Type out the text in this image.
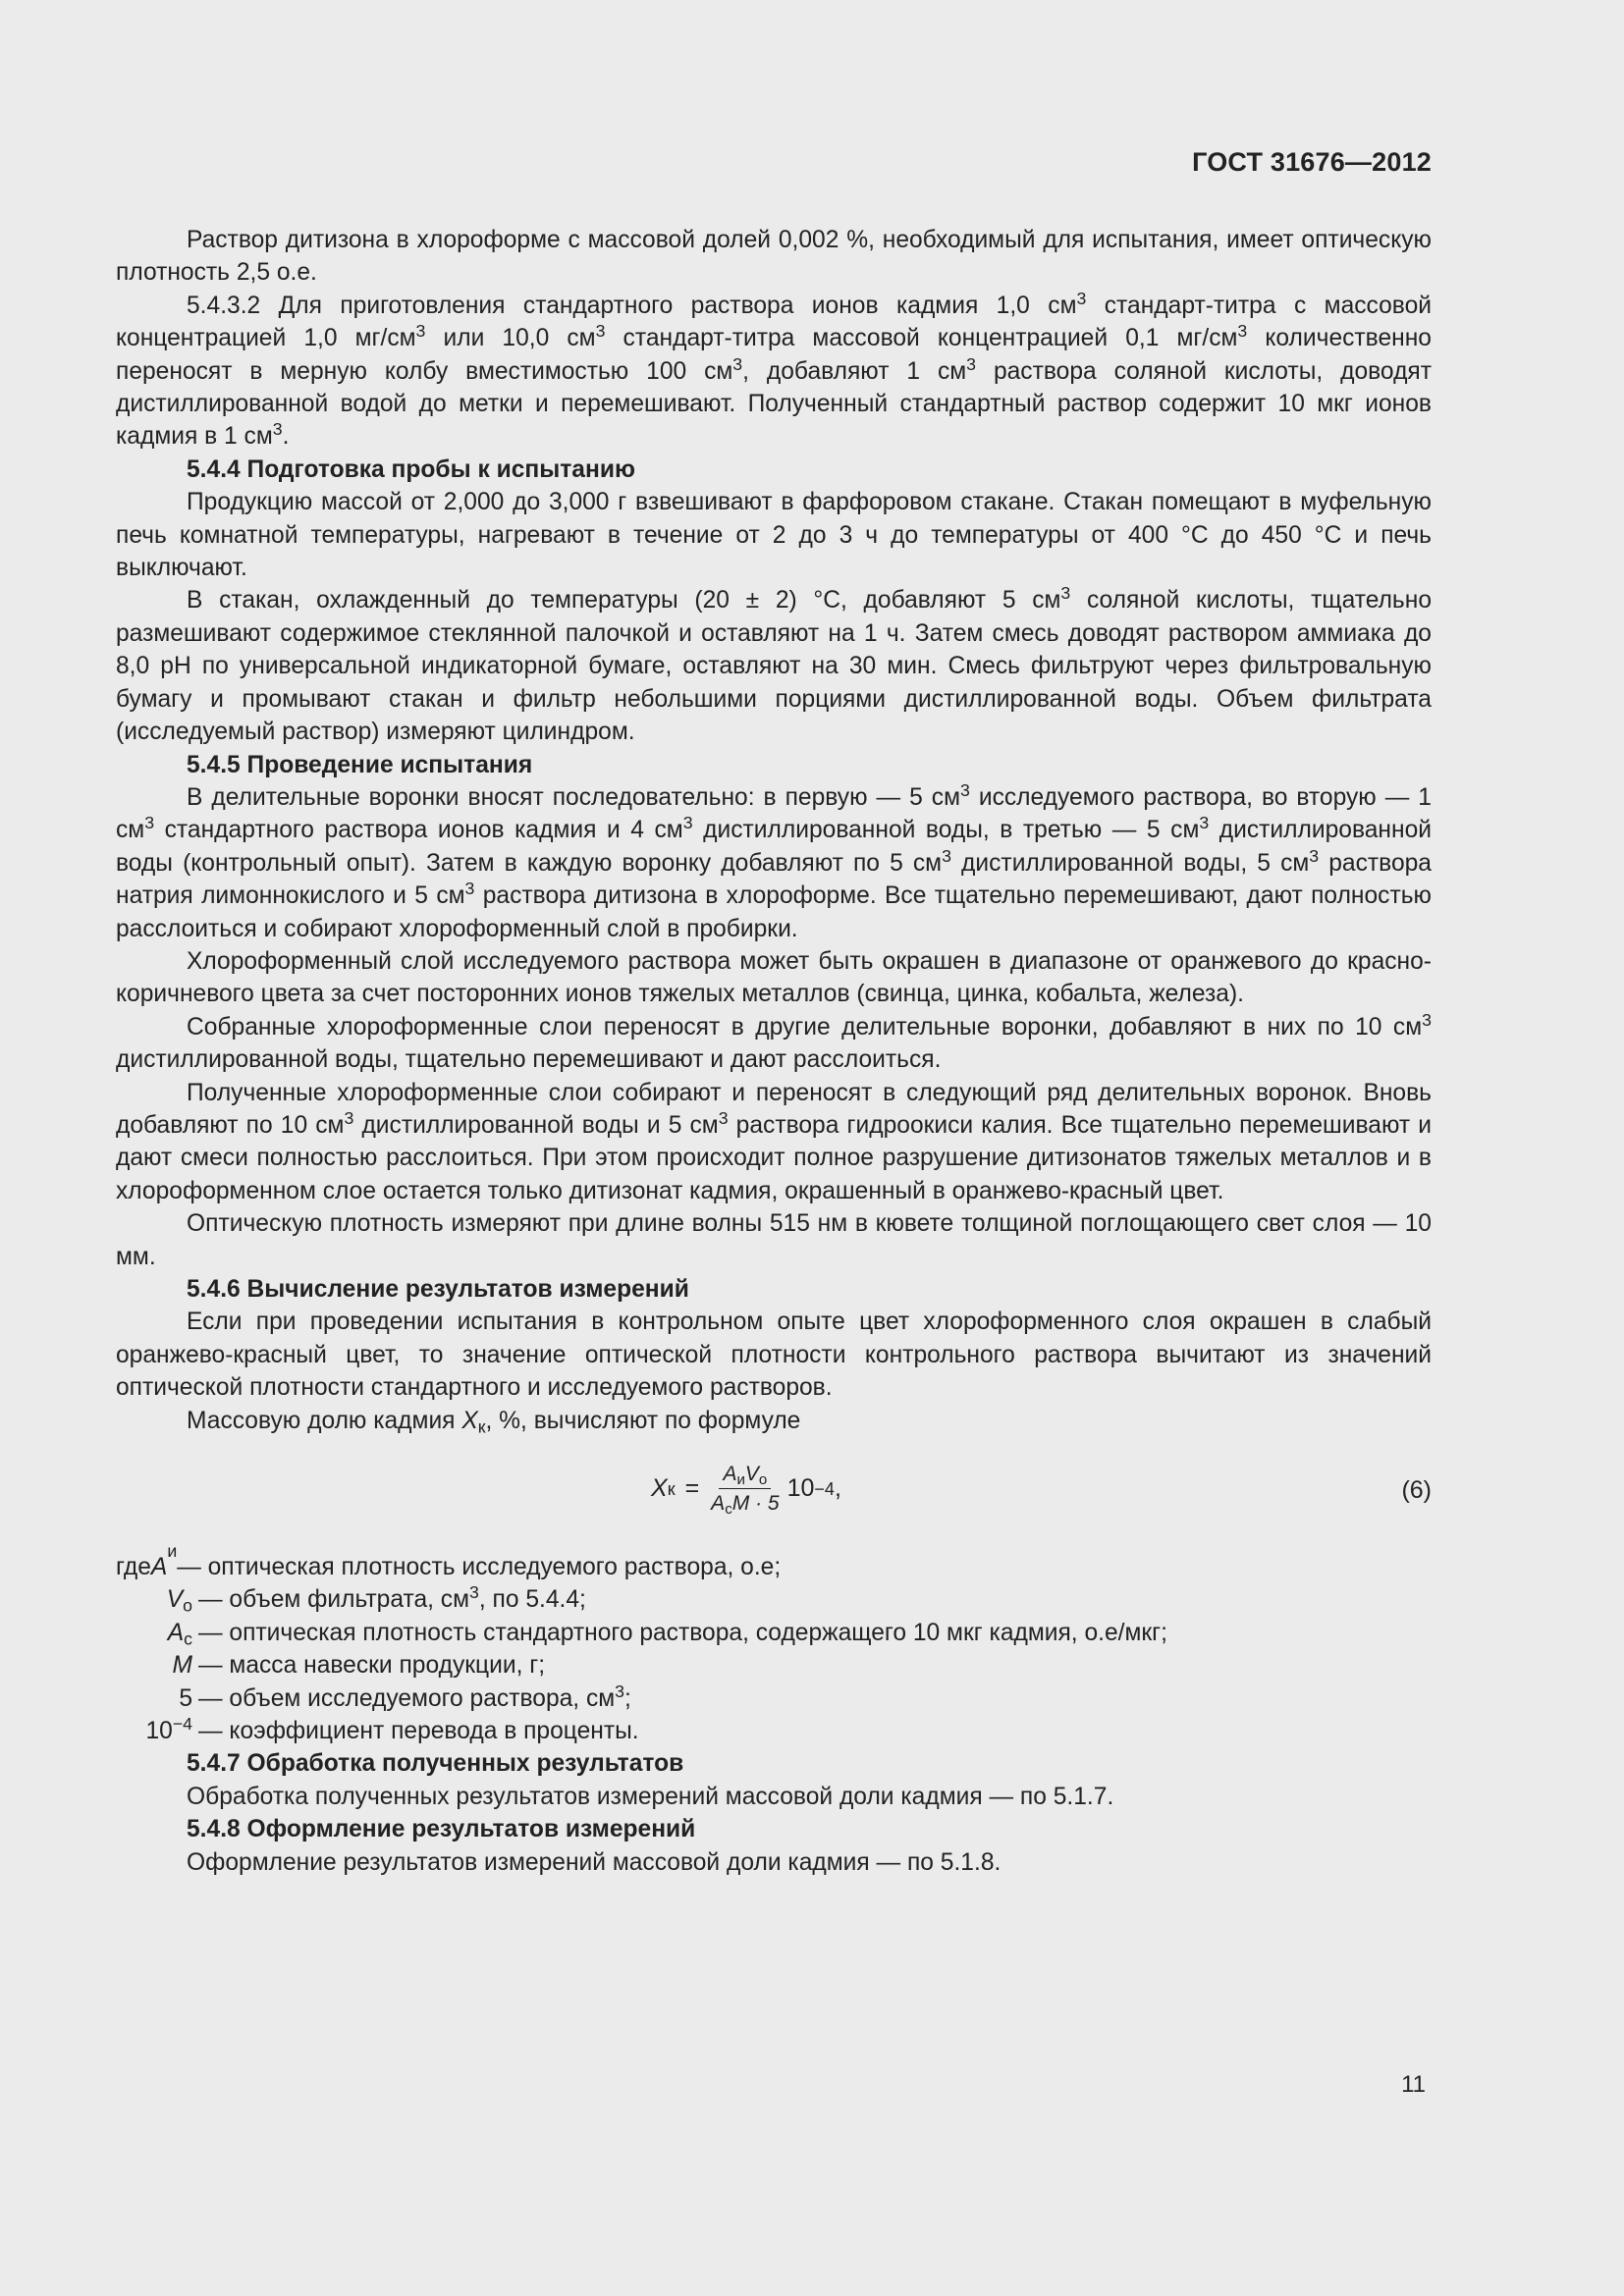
ГОСТ 31676—2012

Раствор дитизона в хлороформе с массовой долей 0,002 %, необходимый для испытания, имеет оптическую плотность 2,5 о.е.

5.4.3.2 Для приготовления стандартного раствора ионов кадмия 1,0 $см^3$ стандарт-титра с массовой концентрацией 1,0 $мг/см^3$ или 10,0 $см^3$ стандарт-титра массовой концентрацией 0,1 $мг/см^3$ количественно переносят в мерную колбу вместимостью 100 $см^3$, добавляют 1 $см^3$ раствора соляной кислоты, доводят дистиллированной водой до метки и перемешивают. Полученный стандартный раствор содержит 10 мкг ионов кадмия в 1 $см^3$.

5.4.4 Подготовка пробы к испытанию

Продукцию массой от 2,000 до 3,000 г взвешивают в фарфоровом стакане. Стакан помещают в муфельную печь комнатной температуры, нагревают в течение от 2 до 3 ч до температуры от 400 °С до 450 °С и печь выключают.

В стакан, охлажденный до температуры (20 ± 2) °С, добавляют 5 $см^3$ соляной кислоты, тщательно размешивают содержимое стеклянной палочкой и оставляют на 1 ч. Затем смесь доводят раствором аммиака до 8,0 рН по универсальной индикаторной бумаге, оставляют на 30 мин. Смесь фильтруют через фильтровальную бумагу и промывают стакан и фильтр небольшими порциями дистиллированной воды. Объем фильтрата (исследуемый раствор) измеряют цилиндром.

5.4.5 Проведение испытания

В делительные воронки вносят последовательно: в первую — 5 $см^3$ исследуемого раствора, во вторую — 1 $см^3$ стандартного раствора ионов кадмия и 4 $см^3$ дистиллированной воды, в третью — 5 $см^3$ дистиллированной воды (контрольный опыт). Затем в каждую воронку добавляют по 5 $см^3$ дистиллированной воды, 5 $см^3$ раствора натрия лимоннокислого и 5 $см^3$ раствора дитизона в хлороформе. Все тщательно перемешивают, дают полностью расслоиться и собирают хлороформенный слой в пробирки.

Хлороформенный слой исследуемого раствора может быть окрашен в диапазоне от оранжевого до красно-коричневого цвета за счет посторонних ионов тяжелых металлов (свинца, цинка, кобальта, железа).

Собранные хлороформенные слои переносят в другие делительные воронки, добавляют в них по 10 $см^3$ дистиллированной воды, тщательно перемешивают и дают расслоиться.

Полученные хлороформенные слои собирают и переносят в следующий ряд делительных воронок. Вновь добавляют по 10 $см^3$ дистиллированной воды и 5 $см^3$ раствора гидроокиси калия. Все тщательно перемешивают и дают смеси полностью расслоиться. При этом происходит полное разрушение дитизонатов тяжелых металлов и в хлороформенном слое остается только дитизонат кадмия, окрашенный в оранжево-красный цвет.

Оптическую плотность измеряют при длине волны 515 нм в кювете толщиной поглощающего свет слоя — 10 мм.

5.4.6 Вычисление результатов измерений

Если при проведении испытания в контрольном опыте цвет хлороформенного слоя окрашен в слабый оранжево-красный цвет, то значение оптической плотности контрольного раствора вычитают из значений оптической плотности стандартного и исследуемого растворов.

Массовую долю кадмия $X_к$, %, вычисляют по формуле

X $к = \frac{A_иV_о}{A_сM \cdot 5} 10 -4$ ,	(6)
где A
и
— оптическая плотность исследуемого раствора, о.е;
$V_о$ — объем фильтрата, $см^3$, по 5.4.4;
$A_с$ — оптическая плотность стандартного раствора, содержащего 10 мкг кадмия, о.е/мкг;
M — масса навески продукции, г;
5 — объем исследуемого раствора, $см^3$;
$10^{-4}$ — коэффициент перевода в проценты.

5.4.7 Обработка полученных результатов

Обработка полученных результатов измерений массовой доли кадмия — по 5.1.7.

5.4.8 Оформление результатов измерений

Оформление результатов измерений массовой доли кадмия — по 5.1.8.

11
